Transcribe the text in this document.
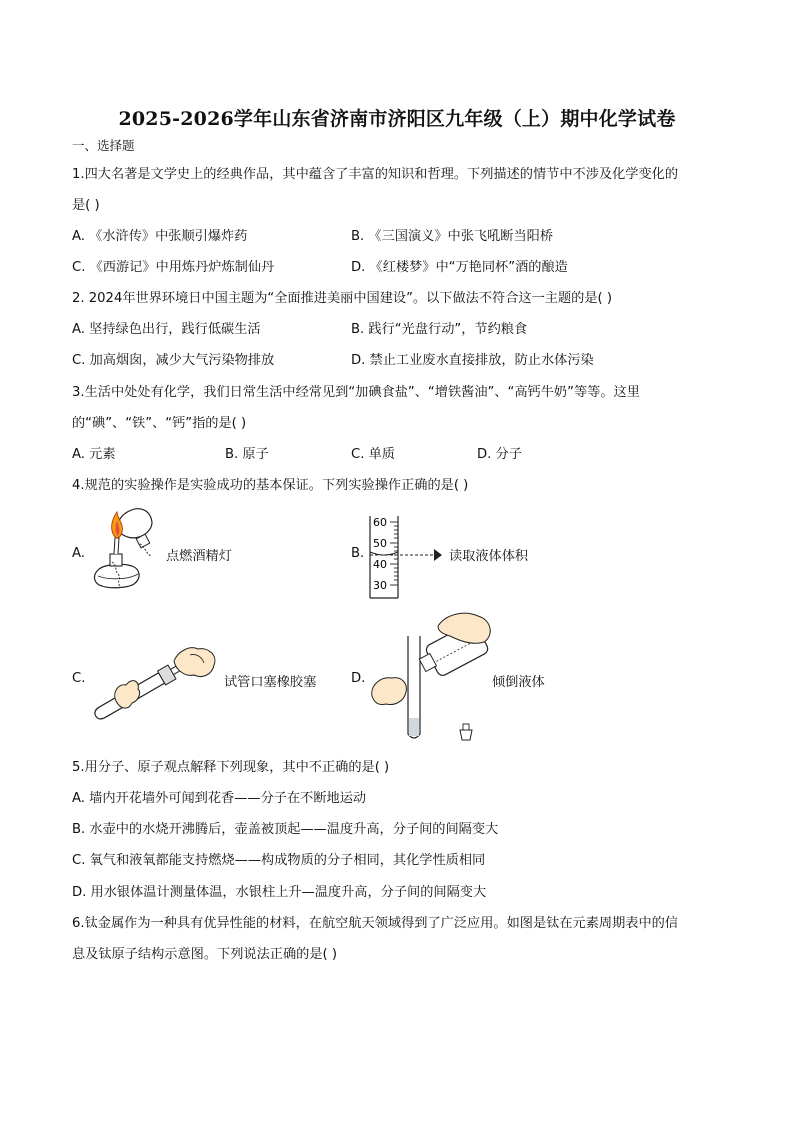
2025-2026学年山东省济南市济阳区九年级（上）期中化学试卷
一、选择题
1.四大名著是文学史上的经典作品，其中蕴含了丰富的知识和哲理。下列描述的情节中不涉及化学变化的
是( )
A. 《水浒传》中张顺引爆炸药	B. 《三国演义》中张飞吼断当阳桥
C. 《西游记》中用炼丹炉炼制仙丹	D. 《红楼梦》中“万艳同杯”酒的酿造
2. 2024年世界环境日中国主题为“全面推进美丽中国建设”。以下做法不符合这一主题的是( )
A. 坚持绿色出行，践行低碳生活	B. 践行“光盘行动”，节约粮食
C. 加高烟囱，减少大气污染物排放	D. 禁止工业废水直接排放，防止水体污染
3.生活中处处有化学，我们日常生活中经常见到“加碘食盐”、“增铁酱油”、“高钙牛奶”等等。这里
的“碘”、“铁”、“钙”指的是( )
A. 元素	B. 原子	C. 单质	D. 分子
4.规范的实验操作是实验成功的基本保证。下列实验操作正确的是( )
A.	点燃酒精灯	B.
60
50
40
30
读取液体体积
C.	试管口塞橡胶塞	D.	倾倒液体
5.用分子、原子观点解释下列现象，其中不正确的是( )
A. 墙内开花墙外可闻到花香——分子在不断地运动
B. 水壶中的水烧开沸腾后，壶盖被顶起——温度升高，分子间的间隔变大
C. 氧气和液氧都能支持燃烧——构成物质的分子相同，其化学性质相同
D. 用水银体温计测量体温，水银柱上升—温度升高，分子间的间隔变大
6.钛金属作为一种具有优异性能的材料，在航空航天领域得到了广泛应用。如图是钛在元素周期表中的信
息及钛原子结构示意图。下列说法正确的是( )
